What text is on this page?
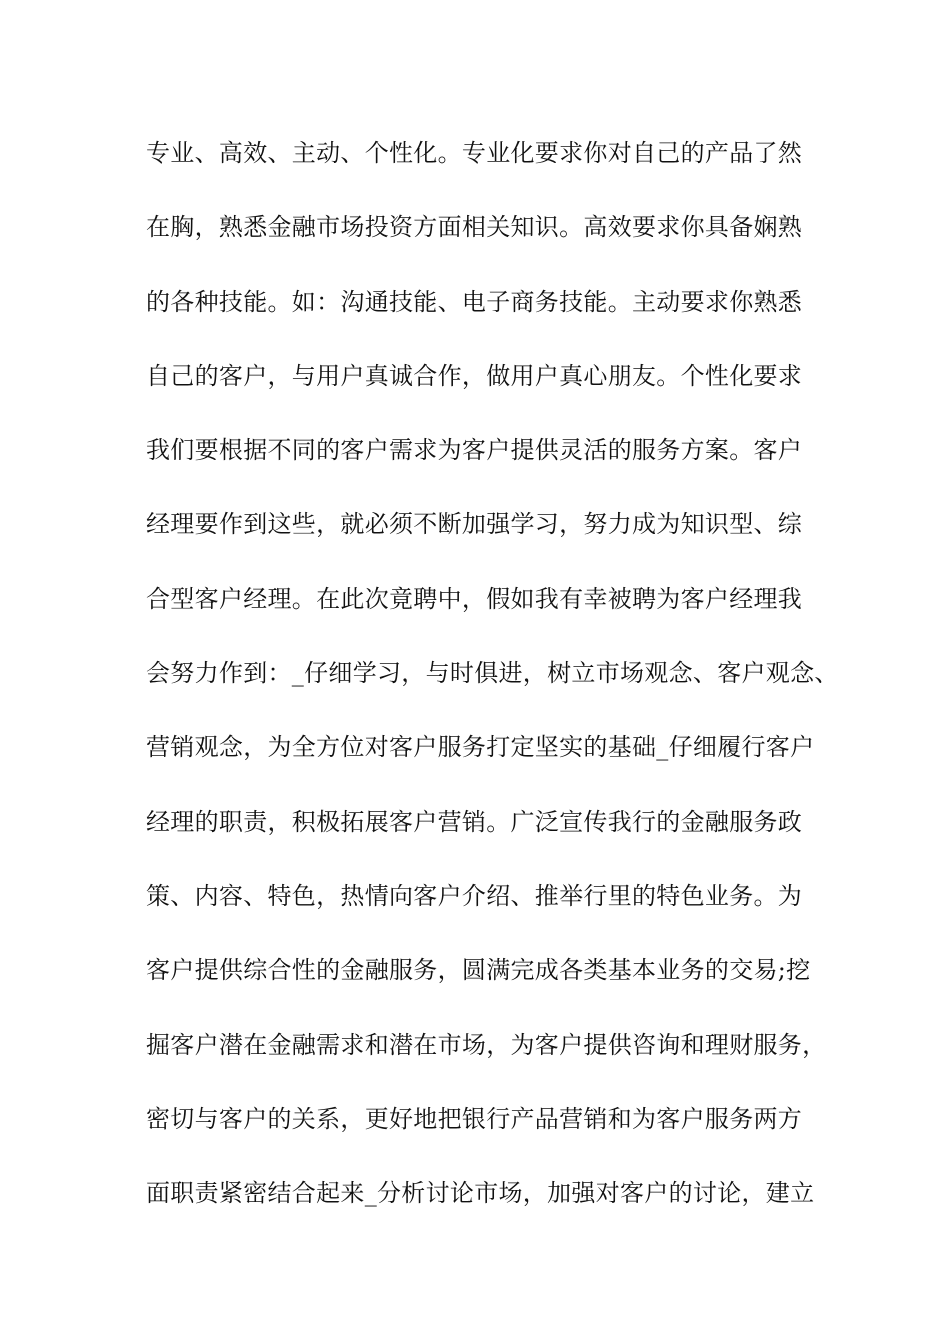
专业、高效、主动、个性化。专业化要求你对自己的产品了然
在胸，熟悉金融市场投资方面相关知识。高效要求你具备娴熟
的各种技能。如：沟通技能、电子商务技能。主动要求你熟悉
自己的客户，与用户真诚合作，做用户真心朋友。个性化要求
我们要根据不同的客户需求为客户提供灵活的服务方案。客户
经理要作到这些，就必须不断加强学习，努力成为知识型、综
合型客户经理。在此次竟聘中，假如我有幸被聘为客户经理我
会努力作到：_仔细学习，与时俱进，树立市场观念、客户观念、
营销观念，为全方位对客户服务打定坚实的基础_仔细履行客户
经理的职责，积极拓展客户营销。广泛宣传我行的金融服务政
策、内容、特色，热情向客户介绍、推举行里的特色业务。为
客户提供综合性的金融服务，圆满完成各类基本业务的交易;挖
掘客户潜在金融需求和潜在市场，为客户提供咨询和理财服务，
密切与客户的关系，更好地把银行产品营销和为客户服务两方
面职责紧密结合起来_分析讨论市场，加强对客户的讨论，建立
